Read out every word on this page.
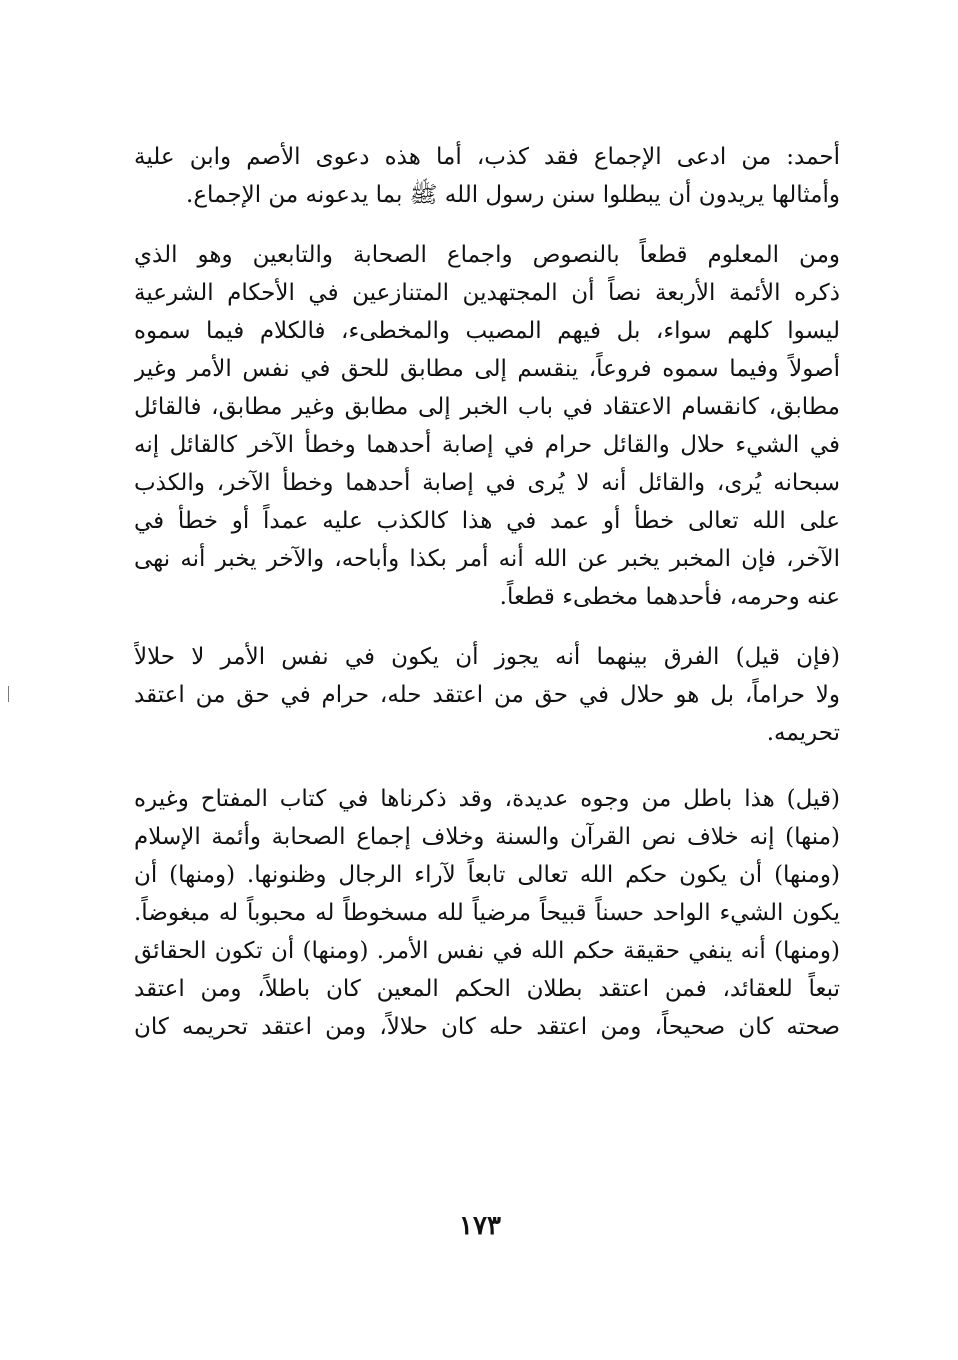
أحمد: من ادعى الإجماع فقد كذب، أما هذه دعوى الأصم وابن علية
وأمثالها يريدون أن يبطلوا سنن رسول الله ﷺ بما يدعونه من الإجماع.
ومن المعلوم قطعاً بالنصوص واجماع الصحابة والتابعين وهو الذي
ذكره الأئمة الأربعة نصاً أن المجتهدين المتنازعين في الأحكام الشرعية
ليسوا كلهم سواء، بل فيهم المصيب والمخطىء، فالكلام فيما سموه
أصولاً وفيما سموه فروعاً، ينقسم إلى مطابق للحق في نفس الأمر وغير
مطابق، كانقسام الاعتقاد في باب الخبر إلى مطابق وغير مطابق، فالقائل
في الشيء حلال والقائل حرام في إصابة أحدهما وخطأ الآخر كالقائل إنه
سبحانه يُرى، والقائل أنه لا يُرى في إصابة أحدهما وخطأ الآخر، والكذب
على الله تعالى خطأ أو عمد في هذا كالكذب عليه عمداً أو خطأ في
الآخر، فإن المخبر يخبر عن الله أنه أمر بكذا وأباحه، والآخر يخبر أنه نهى
عنه وحرمه، فأحدهما مخطىء قطعاً.
(فإن قيل) الفرق بينهما أنه يجوز أن يكون في نفس الأمر لا حلالاً
ولا حراماً، بل هو حلال في حق من اعتقد حله، حرام في حق من اعتقد
تحريمه.
(قيل) هذا باطل من وجوه عديدة، وقد ذكرناها في كتاب المفتاح وغيره
(منها) إنه خلاف نص القرآن والسنة وخلاف إجماع الصحابة وأئمة الإسلام
(ومنها) أن يكون حكم الله تعالى تابعاً لآراء الرجال وظنونها. (ومنها) أن
يكون الشيء الواحد حسناً قبيحاً مرضياً لله مسخوطاً له محبوباً له مبغوضاً.
(ومنها) أنه ينفي حقيقة حكم الله في نفس الأمر. (ومنها) أن تكون الحقائق
تبعاً للعقائد، فمن اعتقد بطلان الحكم المعين كان باطلاً، ومن اعتقد
صحته كان صحيحاً، ومن اعتقد حله كان حلالاً، ومن اعتقد تحريمه كان
١٧٣
